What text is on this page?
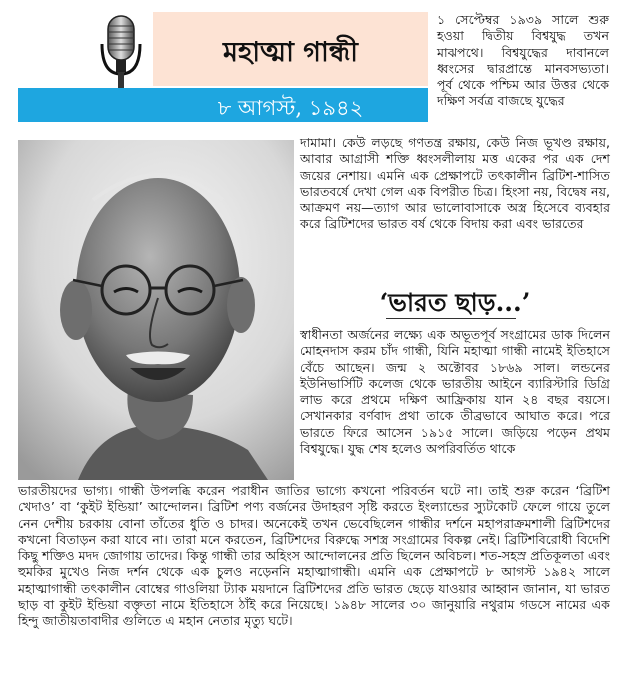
মহাত্মা গান্ধী
৮ আগস্ট, ১৯৪২

১ সেপ্টেম্বর ১৯৩৯ সালে শুরু হওয়া দ্বিতীয় বিশ্বযুদ্ধ তখন মাঝপথে। বিশ্বযুদ্ধের দাবানলে ধ্বংসের দ্বারপ্রান্তে মানবসভ্যতা। পূর্ব থেকে পশ্চিম আর উত্তর থেকে দক্ষিণ সর্বত্র বাজছে যুদ্ধের

দামামা। কেউ লড়ছে গণতন্ত্র রক্ষায়, কেউ নিজ ভূখণ্ড রক্ষায়, আবার আগ্রাসী শক্তি ধ্বংসলীলায় মত্ত একের পর এক দেশ জয়ের নেশায়। এমনি এক প্রেক্ষাপটে তৎকালীন ব্রিটিশ-শাসিত ভারতবর্ষে দেখা গেল এক বিপরীত চিত্র। হিংসা নয়, বিদ্বেষ নয়, আক্রমণ নয়—ত্যাগ আর ভালোবাসাকে অস্ত্র হিসেবে ব্যবহার করে ব্রিটিশদের ভারত বর্ষ থেকে বিদায় করা এবং ভারতের

‘ভারত ছাড়...’

স্বাধীনতা অর্জনের লক্ষ্যে এক অভূতপূর্ব সংগ্রামের ডাক দিলেন মোহনদাস করম চাঁদ গান্ধী, যিনি মহাত্মা গান্ধী নামেই ইতিহাসে বেঁচে আছেন। জন্ম ২ অক্টোবর ১৮৬৯ সাল। লন্ডনের ইউনিভার্সিটি কলেজ থেকে ভারতীয় আইনে ব্যারিস্টারি ডিগ্রি লাভ করে প্রথমে দক্ষিণ আফ্রিকায় যান ২৪ বছর বয়সে। সেখানকার বর্ণবাদ প্রথা তাকে তীব্রভাবে আঘাত করে। পরে ভারতে ফিরে আসেন ১৯১৫ সালে। জড়িয়ে পড়েন প্রথম বিশ্বযুদ্ধে। যুদ্ধ শেষ হলেও অপরিবর্তিত থাকে

ভারতীয়দের ভাগ্য। গান্ধী উপলব্ধি করেন পরাধীন জাতির ভাগ্যে কখনো পরিবর্তন ঘটে না। তাই শুরু করেন ‘ব্রিটিশ খেদাও’ বা ‘কুইট ইন্ডিয়া’ আন্দোলন। ব্রিটিশ পণ্য বর্জনের উদাহরণ সৃষ্টি করতে ইংল্যান্ডের স্যুটকোট ফেলে গায়ে তুলে নেন দেশীয় চরকায় বোনা তাঁতের ধুতি ও চাদর। অনেকেই তখন ভেবেছিলেন গান্ধীর দর্শনে মহাপরাক্রমশালী ব্রিটিশদের কখনো বিতাড়ন করা যাবে না। তারা মনে করতেন, ব্রিটিশদের বিরুদ্ধে সশস্ত্র সংগ্রামের বিকল্প নেই। ব্রিটিশবিরোধী বিদেশি কিছু শক্তিও মদদ জোগায় তাদের। কিন্তু গান্ধী তার অহিংস আন্দোলনের প্রতি ছিলেন অবিচল। শত-সহস্র প্রতিকূলতা এবং হুমকির মুখেও নিজ দর্শন থেকে এক চুলও নড়েননি মহাত্মাগান্ধী। এমনি এক প্রেক্ষাপটে ৮ আগস্ট ১৯৪২ সালে মহাত্মাগান্ধী তৎকালীন বোম্বের গাওলিয়া ট্যাক ময়দানে ব্রিটিশদের প্রতি ভারত ছেড়ে যাওয়ার আহ্বান জানান, যা ভারত ছাড় বা কুইট ইন্ডিয়া বক্তৃতা নামে ইতিহাসে ঠাঁই করে নিয়েছে। ১৯৪৮ সালের ৩০ জানুয়ারি নথুরাম গডসে নামের এক হিন্দু জাতীয়তাবাদীর গুলিতে এ মহান নেতার মৃত্যু ঘটে।
